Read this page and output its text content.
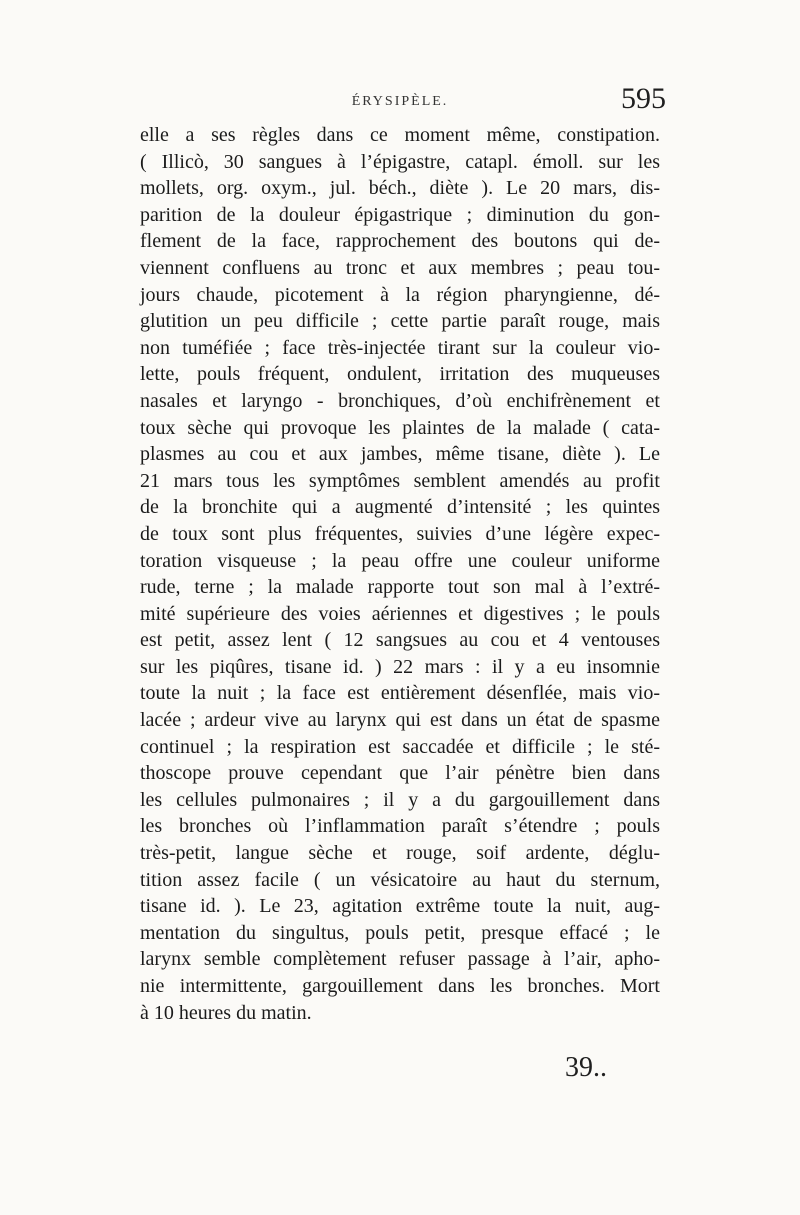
ÉRYSIPÈLE.	595
elle a ses règles dans ce moment même, constipation.
( Illicò, 30 sangues à l’épigastre, catapl. émoll. sur les
mollets, org. oxym., jul. béch., diète ). Le 20 mars, dis-
parition de la douleur épigastrique ; diminution du gon-
flement de la face, rapprochement des boutons qui de-
viennent confluens au tronc et aux membres ; peau tou-
jours chaude, picotement à la région pharyngienne, dé-
glutition un peu difficile ; cette partie paraît rouge, mais
non tuméfiée ; face très-injectée tirant sur la couleur vio-
lette, pouls fréquent, ondulent, irritation des muqueuses
nasales et laryngo - bronchiques, d’où enchifrènement et
toux sèche qui provoque les plaintes de la malade ( cata-
plasmes au cou et aux jambes, même tisane, diète ). Le
21 mars tous les symptômes semblent amendés au profit
de la bronchite qui a augmenté d’intensité ; les quintes
de toux sont plus fréquentes, suivies d’une légère expec-
toration visqueuse ; la peau offre une couleur uniforme
rude, terne ; la malade rapporte tout son mal à l’extré-
mité supérieure des voies aériennes et digestives ; le pouls
est petit, assez lent ( 12 sangsues au cou et 4 ventouses
sur les piqûres, tisane id. ) 22 mars : il y a eu insomnie
toute la nuit ; la face est entièrement désenflée, mais vio-
lacée ; ardeur vive au larynx qui est dans un état de spasme
continuel ; la respiration est saccadée et difficile ; le sté-
thoscope prouve cependant que l’air pénètre bien dans
les cellules pulmonaires ; il y a du gargouillement dans
les bronches où l’inflammation paraît s’étendre ; pouls
très-petit, langue sèche et rouge, soif ardente, déglu-
tition assez facile ( un vésicatoire au haut du sternum,
tisane id. ). Le 23, agitation extrême toute la nuit, aug-
mentation du singultus, pouls petit, presque effacé ; le
larynx semble complètement refuser passage à l’air, apho-
nie intermittente, gargouillement dans les bronches. Mort
à 10 heures du matin.
39..
